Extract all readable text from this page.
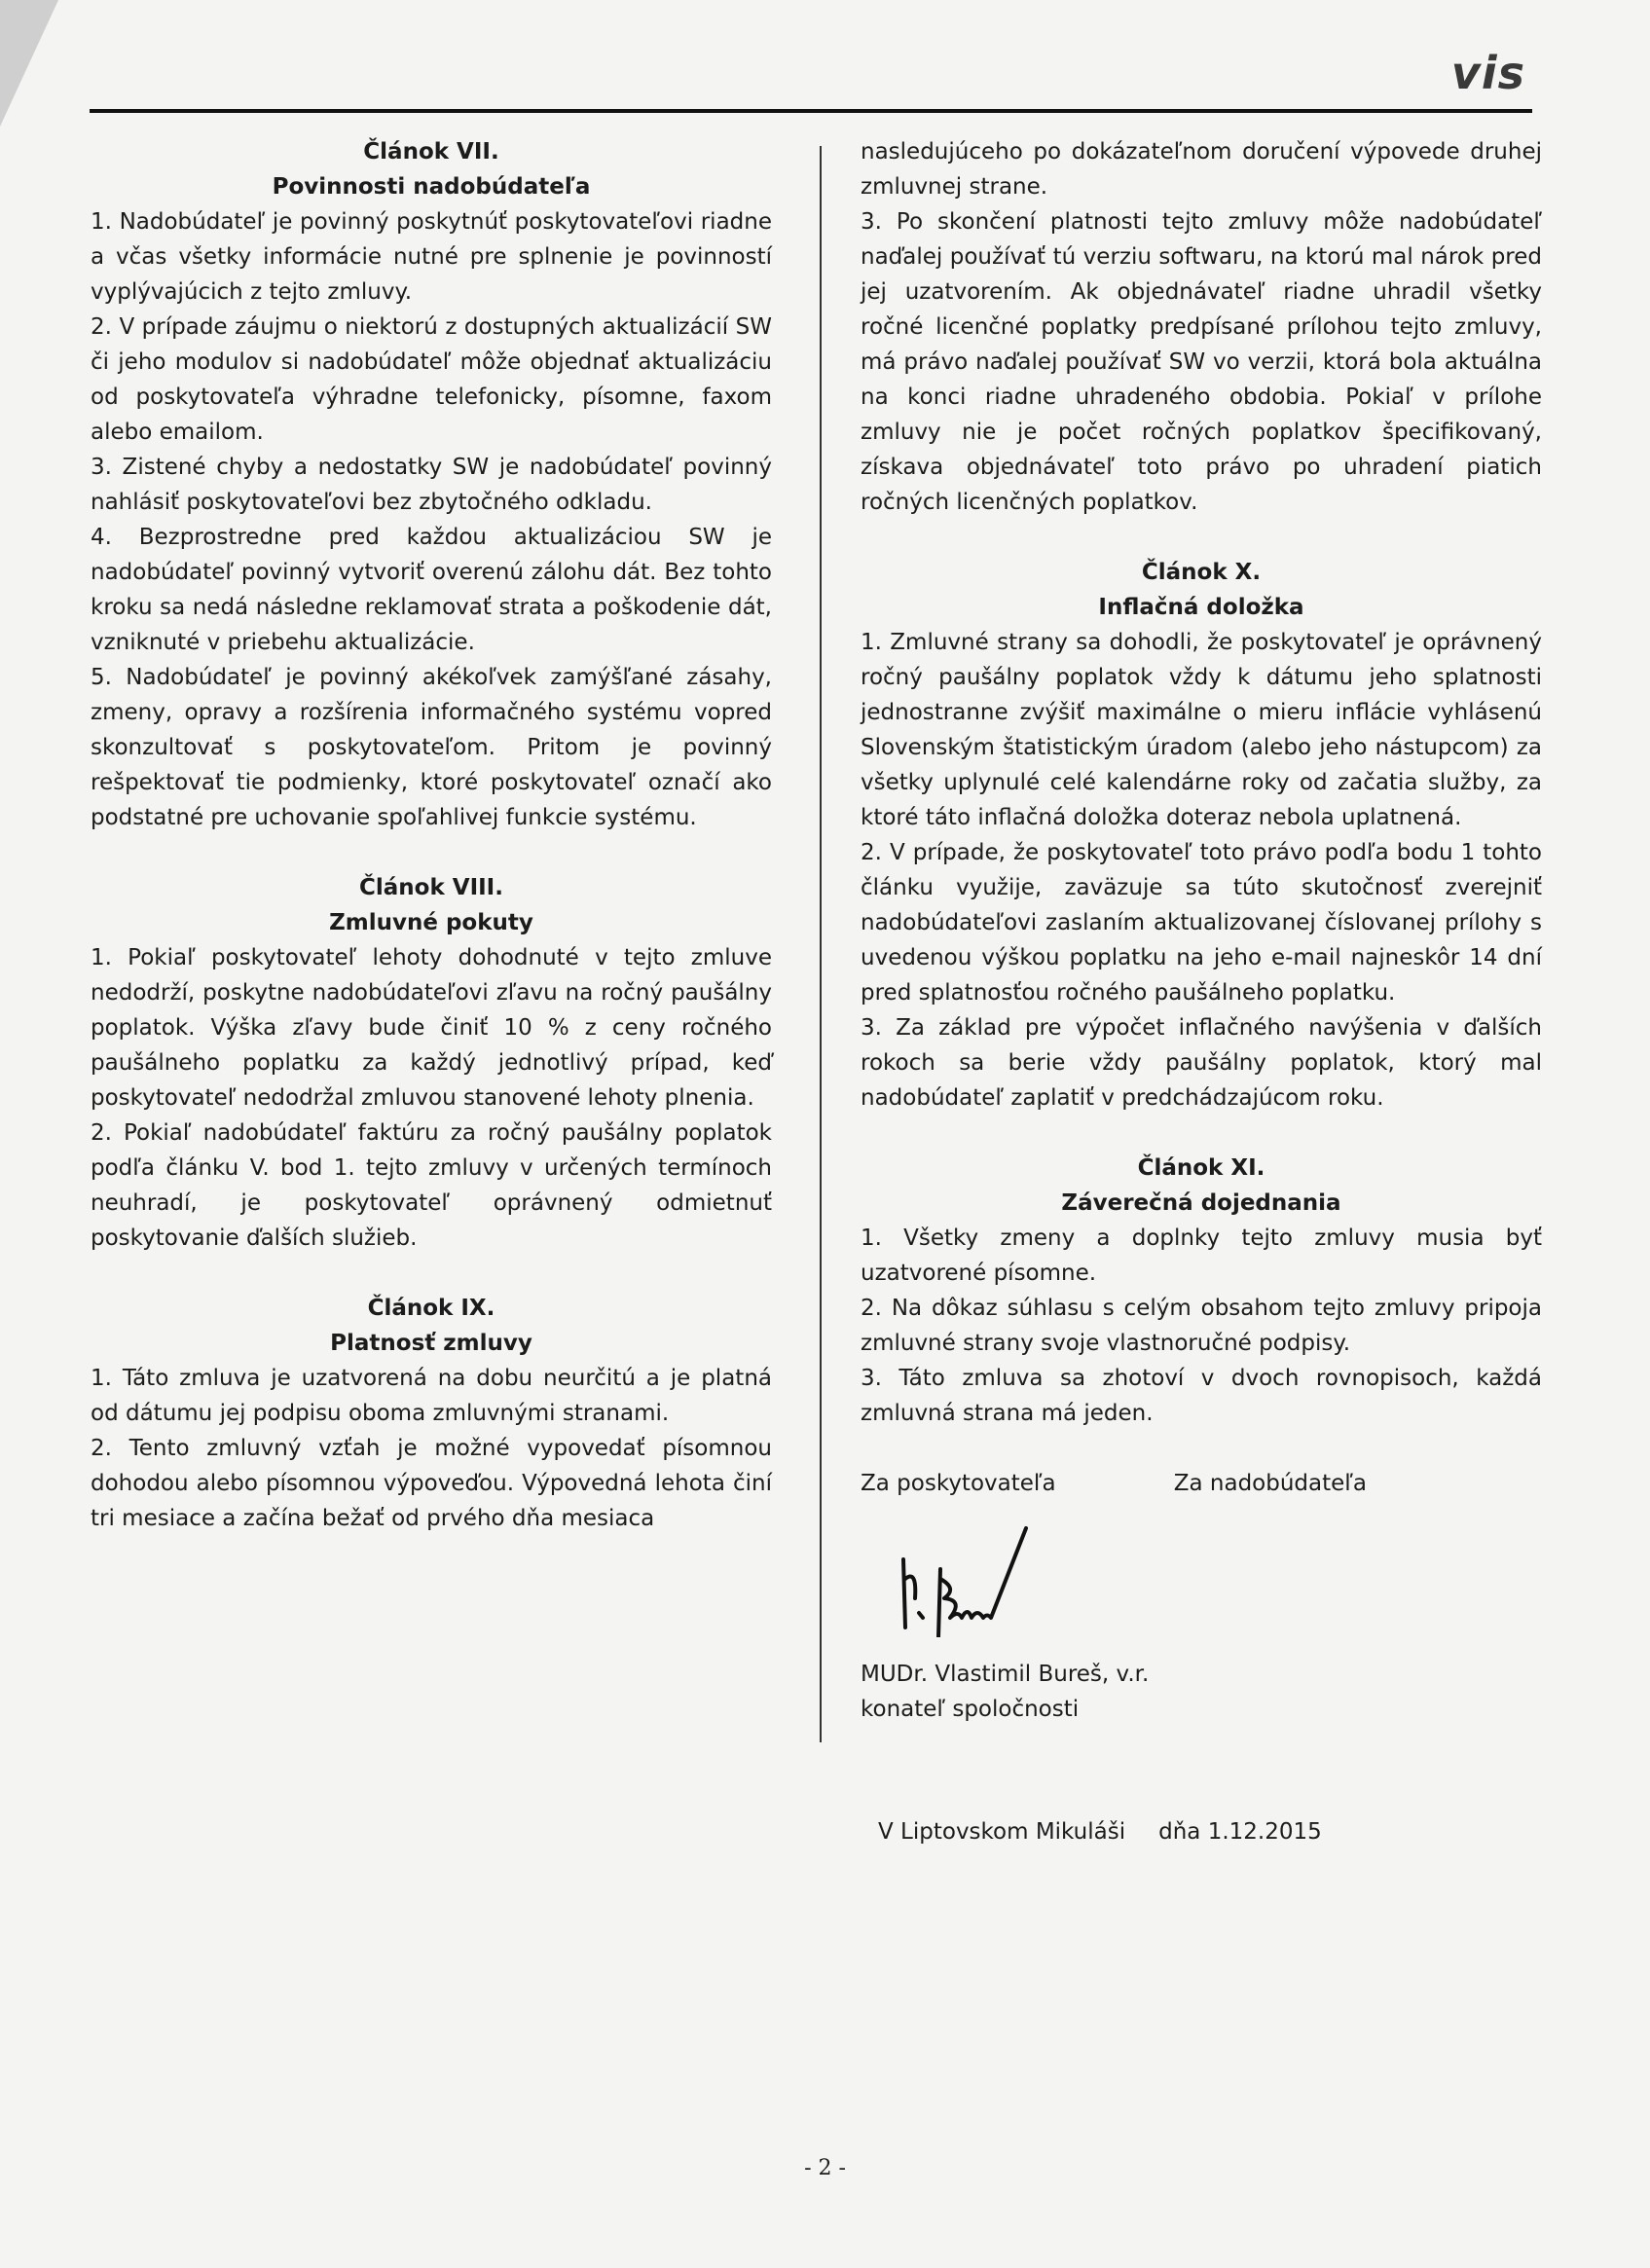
vis
Článok VII.
Povinnosti nadobúdateľa

1. Nadobúdateľ je povinný poskytnúť poskytovateľovi riadne a včas všetky informácie nutné pre splnenie je povinností vyplývajúcich z tejto zmluvy.

2. V prípade záujmu o niektorú z dostupných aktualizácií SW či jeho modulov si nadobúdateľ môže objednať aktualizáciu od poskytovateľa výhradne telefonicky, písomne, faxom alebo emailom.

3. Zistené chyby a nedostatky SW je nadobúdateľ povinný nahlásiť poskytovateľovi bez zbytočného odkladu.

4. Bezprostredne pred každou aktualizáciou SW je nadobúdateľ povinný vytvoriť overenú zálohu dát. Bez tohto kroku sa nedá následne reklamovať strata a poškodenie dát, vzniknuté v priebehu aktualizácie.

5. Nadobúdateľ je povinný akékoľvek zamýšľané zásahy, zmeny, opravy a rozšírenia informačného systému vopred skonzultovať s poskytovateľom. Pritom je povinný rešpektovať tie podmienky, ktoré poskytovateľ označí ako podstatné pre uchovanie spoľahlivej funkcie systému.

Článok VIII.
Zmluvné pokuty

1. Pokiaľ poskytovateľ lehoty dohodnuté v tejto zmluve nedodrží, poskytne nadobúdateľovi zľavu na ročný paušálny poplatok. Výška zľavy bude činiť 10 % z ceny ročného paušálneho poplatku za každý jednotlivý prípad, keď poskytovateľ nedodržal zmluvou stanovené lehoty plnenia.

2. Pokiaľ nadobúdateľ faktúru za ročný paušálny poplatok podľa článku V. bod 1. tejto zmluvy v určených termínoch neuhradí, je poskytovateľ oprávnený odmietnuť poskytovanie ďalších služieb.

Článok IX.
Platnosť zmluvy

1. Táto zmluva je uzatvorená na dobu neurčitú a je platná od dátumu jej podpisu oboma zmluvnými stranami.

2. Tento zmluvný vzťah je možné vypovedať písomnou dohodou alebo písomnou výpoveďou. Výpovedná lehota činí tri mesiace a začína bežať od prvého dňa mesiaca

nasledujúceho po dokázateľnom doručení výpovede druhej zmluvnej strane.

3. Po skončení platnosti tejto zmluvy môže nadobúdateľ naďalej používať tú verziu softwaru, na ktorú mal nárok pred jej uzatvorením. Ak objednávateľ riadne uhradil všetky ročné licenčné poplatky predpísané prílohou tejto zmluvy, má právo naďalej používať SW vo verzii, ktorá bola aktuálna na konci riadne uhradeného obdobia. Pokiaľ v prílohe zmluvy nie je počet ročných poplatkov špecifikovaný, získava objednávateľ toto právo po uhradení piatich ročných licenčných poplatkov.

Článok X.
Inflačná doložka

1. Zmluvné strany sa dohodli, že poskytovateľ je oprávnený ročný paušálny poplatok vždy k dátumu jeho splatnosti jednostranne zvýšiť maximálne o mieru inflácie vyhlásenú Slovenským štatistickým úradom (alebo jeho nástupcom) za všetky uplynulé celé kalendárne roky od začatia služby, za ktoré táto inflačná doložka doteraz nebola uplatnená.

2. V prípade, že poskytovateľ toto právo podľa bodu 1 tohto článku využije, zaväzuje sa túto skutočnosť zverejniť nadobúdateľovi zaslaním aktualizovanej číslovanej prílohy s uvedenou výškou poplatku na jeho e-mail najneskôr 14 dní pred splatnosťou ročného paušálneho poplatku.

3. Za základ pre výpočet inflačného navýšenia v ďalších rokoch sa berie vždy paušálny poplatok, ktorý mal nadobúdateľ zaplatiť v predchádzajúcom roku.

Článok XI.
Záverečná dojednania

1. Všetky zmeny a doplnky tejto zmluvy musia byť uzatvorené písomne.

2. Na dôkaz súhlasu s celým obsahom tejto zmluvy pripoja zmluvné strany svoje vlastnoručné podpisy.

3. Táto zmluva sa zhotoví v dvoch rovnopisoch, každá zmluvná strana má jeden.

Za poskytovateľa	Za nadobúdateľa
MUDr. Vlastimil Bureš, v.r.
konateľ spoločnosti
V Liptovskom Mikuláši dňa 1.12.2015
- 2 -
